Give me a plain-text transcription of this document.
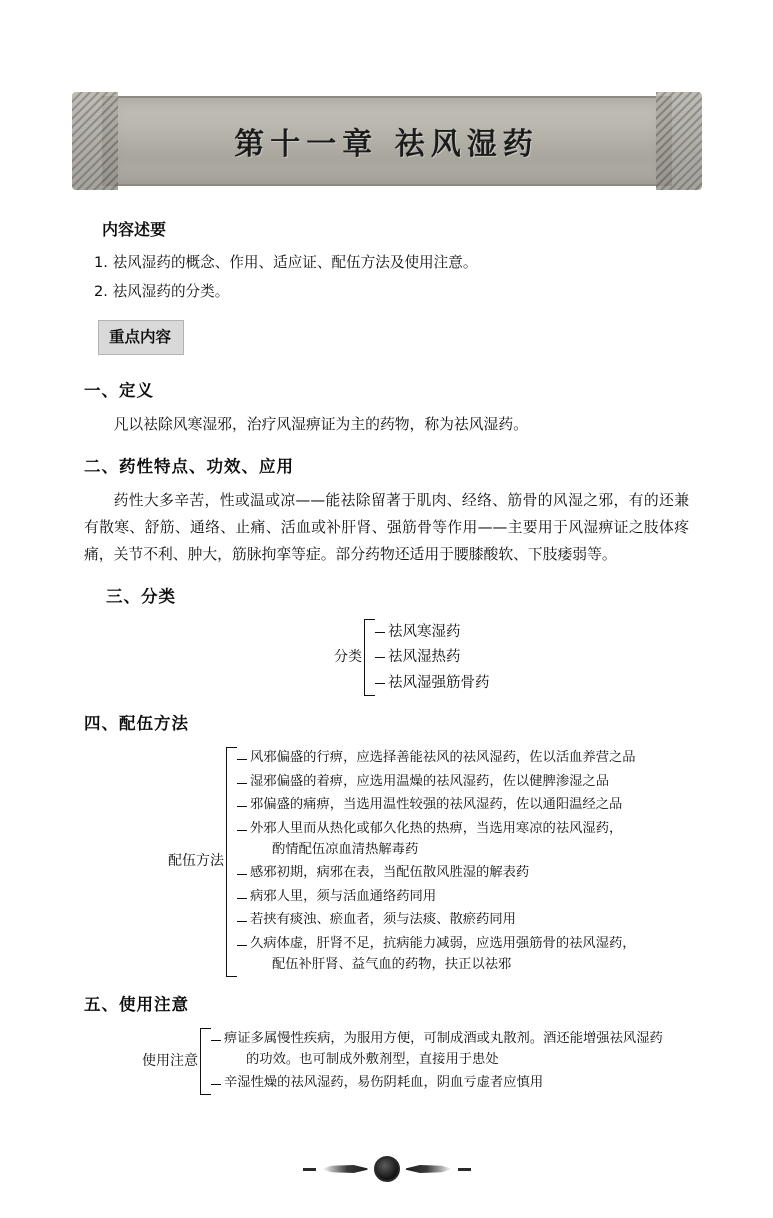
第十一章 祛风湿药
内容述要
1. 祛风湿药的概念、作用、适应证、配伍方法及使用注意。
2. 祛风湿药的分类。
重点内容
一、定义

凡以袪除风寒湿邪，治疗风湿痹证为主的药物，称为祛风湿药。

二、药性特点、功效、应用

药性大多辛苦，性或温或凉——能祛除留著于肌肉、经络、筋骨的风湿之邪，有的还兼有散寒、舒筋、通络、止痛、活血或补肝肾、强筋骨等作用——主要用于风湿痹证之肢体疼痛，关节不利、肿大，筋脉拘挛等症。部分药物还适用于腰膝酸软、下肢痿弱等。

三、分类
分类
祛风寒湿药
祛风湿热药
祛风湿强筋骨药
四、配伍方法
配伍方法
风邪偏盛的行痹，应选择善能祛风的祛风湿药，佐以活血养营之品
湿邪偏盛的着痹，应选用温燥的祛风湿药，佐以健脾渗湿之品
邪偏盛的痛痹，当选用温性较强的祛风湿药，佐以通阳温经之品
外邪人里而从热化或郁久化热的热痹，当选用寒凉的祛风湿药，
酌情配伍凉血清热解毒药
感邪初期，病邪在表，当配伍散风胜湿的解表药
病邪人里，须与活血通络药同用
若挟有痰浊、瘀血者，须与法痰、散瘀药同用
久病体虚，肝肾不足，抗病能力减弱，应选用强筋骨的祛风湿药，
配伍补肝肾、益气血的药物，扶正以祛邪
五、使用注意
使用注意
痹证多属慢性疾病，为服用方便，可制成酒或丸散剂。酒还能增强祛风湿药
的功效。也可制成外敷剂型，直接用于患处
辛湿性燥的祛风湿药，易伤阴耗血，阴血亏虚者应慎用
